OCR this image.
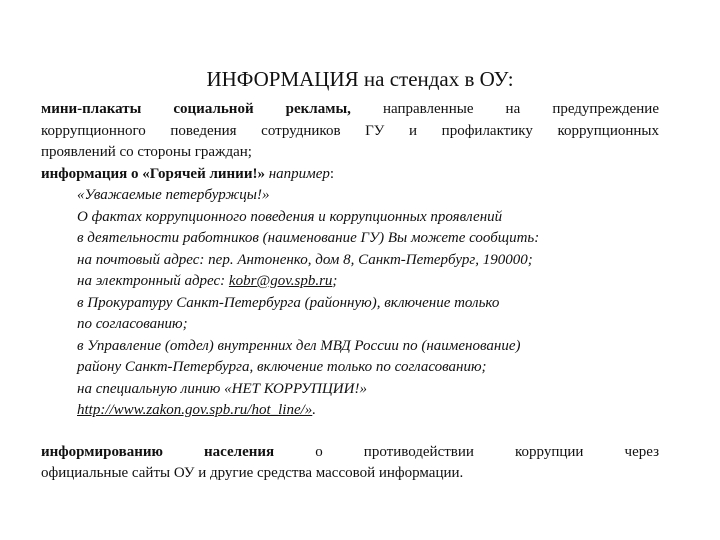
ИНФОРМАЦИЯ на стендах в ОУ:

мини-плакаты социальной рекламы, направленные на предупреждение

коррупционного поведения сотрудников ГУ и профилактику коррупционных

проявлений со стороны граждан;

информация о «Горячей линии!» например:

«Уважаемые петербуржцы!»

О фактах коррупционного поведения и коррупционных проявлений

в деятельности работников (наименование ГУ) Вы можете сообщить:

на почтовый адрес: пер. Антоненко, дом 8, Санкт-Петербург, 190000;

на электронный адрес: kobr@gov.spb.ru;

в Прокуратуру Санкт-Петербурга (районную), включение только

по согласованию;

в Управление (отдел) внутренних дел МВД России по (наименование)

району Санкт-Петербурга, включение только по согласованию;

на специальную линию «НЕТ КОРРУПЦИИ!»

http://www.zakon.gov.spb.ru/hot_line/».

информированию населения о противодействии коррупции через

официальные сайты ОУ и другие средства массовой информации.
